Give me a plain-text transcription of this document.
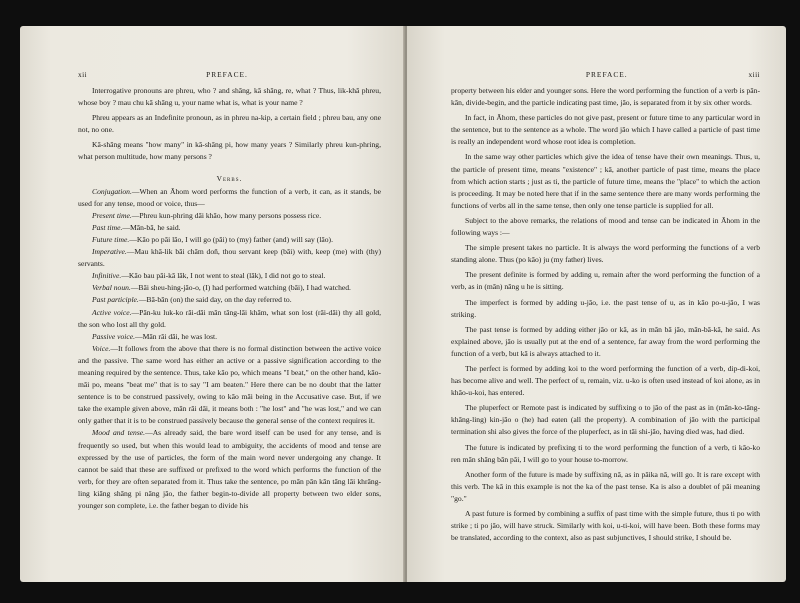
xii	PREFACE.

Interrogative pronouns are phreu, who ? and shāng, kā shāng, re, what ? Thus, lik-khā phreu, whose boy ? mau chu kā shāng u, your name what is, what is your name ?

Phreu appears as an Indefinite pronoun, as in phreu na-kip, a certain field ; phreu bau, any one not, no one.

Kā-shāng means "how many" in kā-shāng pi, how many years ? Similarly phreu kun-phring, what person multitude, how many persons ?

Verbs.

Conjugation.—When an Āhom word performs the function of a verb, it can, as it stands, be used for any tense, mood or voice, thus—

Present time.—Phreu kun-phring dāi khāo, how many persons possess rice.

Past time.—Mān-bā, he said.

Future time.—Kāo po pāi lāo, I will go (pāi) to (my) father (and) will say (lāo).

Imperative.—Mau khā-lik bāi chām doñ, thou servant keep (bāi) with, keep (me) with (thy) servants.

Infinitive.—Kāo bau pāi-kā lāk, I not went to steal (lāk), I did not go to steal.

Verbal noun.—Bāi sheu-hing-jāo-o, (I) had performed watching (bāi), I had watched.

Past participle.—Bā-bān (on) the said day, on the day referred to.

Active voice.—Pān-ku luk-ko rāi-dāi mān tāng-lāi khām, what son lost (rāi-dāi) thy all gold, the son who lost all thy gold.

Passive voice.—Mān rāi dāi, he was lost.

Voice.—It follows from the above that there is no formal distinction between the active voice and the passive. The same word has either an active or a passive signification according to the meaning required by the sentence. Thus, take kāo po, which means "I beat," on the other hand, kāo-māi po, means "beat me" that is to say "I am beaten." Here there can be no doubt that the latter sentence is to be construed passively, owing to kāo māi being in the Accusative case. But, if we take the example given above, mān rāi dāi, it means both : "he lost" and "he was lost," and we can only gather that it is to be construed passively because the general sense of the context requires it.

Mood and tense.—As already said, the bare word itself can be used for any tense, and is frequently so used, but when this would lead to ambiguity, the accidents of mood and tense are expressed by the use of particles, the form of the main word never undergoing any change. It cannot be said that these are suffixed or prefixed to the word which performs the function of the verb, for they are often separated from it. Thus take the sentence, po mān pān kān tāng lāi khrāng-ling kiāng shāng pi nāng jāo, the father begin-to-divide all property between two elder sons, younger son complete, i.e. the father began to divide his

PREFACE.	xiii

property between his elder and younger sons. Here the word performing the function of a verb is pān-kān, divide-begin, and the particle indicating past time, jāo, is separated from it by six other words.

In fact, in Āhom, these particles do not give past, present or future time to any particular word in the sentence, but to the sentence as a whole. The word jāo which I have called a particle of past time is really an independent word whose root idea is completion.

In the same way other particles which give the idea of tense have their own meanings. Thus, u, the particle of present time, means "existence" ; kā, another particle of past time, means the place from which action starts ; just as ti, the particle of future time, means the "place" to which the action is proceeding. It may be noted here that if in the same sentence there are many words performing the functions of verbs all in the same tense, then only one tense particle is supplied for all.

Subject to the above remarks, the relations of mood and tense can be indicated in Āhom in the following ways :—

The simple present takes no particle. It is always the word performing the functions of a verb standing alone. Thus (po kāo) ju (my father) lives.

The present definite is formed by adding u, remain after the word performing the function of a verb, as in (mān) nāng u he is sitting.

The imperfect is formed by adding u-jāo, i.e. the past tense of u, as in kāo po-u-jāo, I was striking.

The past tense is formed by adding either jāo or kā, as in mān bā jāo, mān-bā-kā, he said. As explained above, jāo is usually put at the end of a sentence, far away from the word performing the function of a verb, but kā is always attached to it.

The perfect is formed by adding koi to the word performing the function of a verb, dip-di-koi, has become alive and well. The perfect of u, remain, viz. u-ko is often used instead of koi alone, as in khāo-u-koi, has entered.

The pluperfect or Remote past is indicated by suffixing o to jāo of the past as in (mān-ko-tāng-khāng-ling) kin-jāo o (he) had eaten (all the property). A combination of jāo with the participal termination shi also gives the force of the pluperfect, as in tāi shi-jāo, having died was, had died.

The future is indicated by prefixing ti to the word performing the function of a verb, ti kāo-ko ren mān shāng bān pāi, I will go to your house to-morrow.

Another form of the future is made by suffixing nā, as in pāika nā, will go. It is rare except with this verb. The kā in this example is not the ka of the past tense. Ka is also a doublet of pāi meaning "go."

A past future is formed by combining a suffix of past time with the simple future, thus ti po with strike ; ti po jāo, will have struck. Similarly with koi, u-ti-koi, will have been. Both these forms may be translated, according to the context, also as past subjunctives, I should strike, I should be.
